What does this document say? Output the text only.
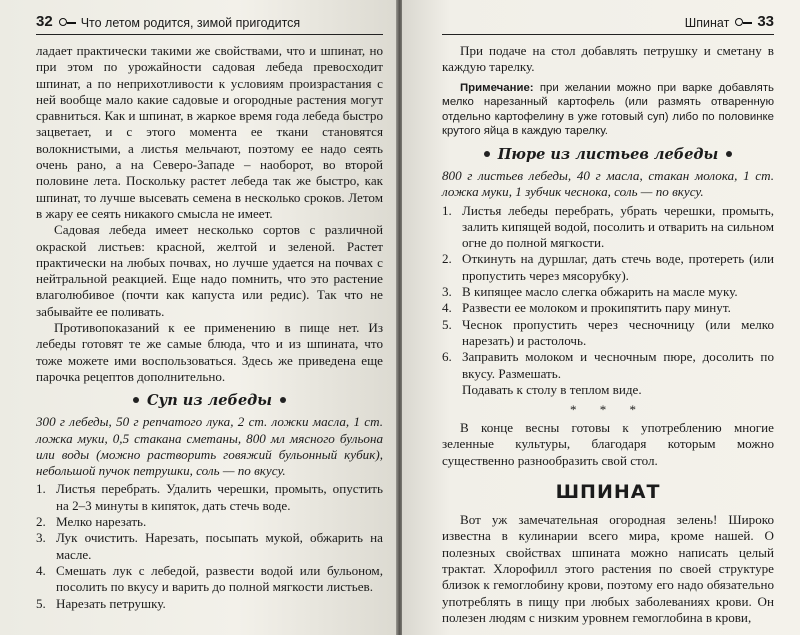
32 Что летом родится, зимой пригодится

ладает практически такими же свойствами, что и шпинат, но при этом по урожайности садовая лебеда превосходит шпинат, а по неприхотливости к условиям произрастания с ней вообще мало какие садовые и огородные растения могут сравниться. Как и шпинат, в жаркое время года лебеда быстро зацветает, и с этого момента ее ткани становятся волокнистыми, а листья мельчают, поэтому ее надо сеять очень рано, а на Северо-Западе – наоборот, во второй половине лета. Поскольку растет лебеда так же быстро, как шпинат, то лучше высевать семена в несколько сроков. Летом в жару ее сеять никакого смысла не имеет.

Садовая лебеда имеет несколько сортов с различной окраской листьев: красной, желтой и зеленой. Растет практически на любых почвах, но лучше удается на почвах с нейтральной реакцией. Еще надо помнить, что это растение влаголюбивое (почти как капуста или редис). Так что не забывайте ее поливать.

Противопоказаний к ее применению в пище нет. Из лебеды готовят те же самые блюда, что и из шпината, что тоже можете ими воспользоваться. Здесь же приведена еще парочка рецептов дополнительно.

Суп из лебеды

300 г лебеды, 50 г репчатого лука, 2 ст. ложки масла, 1 ст. ложка муки, 0,5 стакана сметаны, 800 мл мясного бульона или воды (можно растворить говяжий бульонный кубик), небольшой пучок петрушки, соль — по вкусу.

1. Листья перебрать. Удалить черешки, промыть, опустить на 2–3 минуты в кипяток, дать стечь воде.
2. Мелко нарезать.
3. Лук очистить. Нарезать, посыпать мукой, обжарить на масле.
4. Смешать лук с лебедой, развести водой или бульоном, посолить по вкусу и варить до полной мягкости листьев.
5. Нарезать петрушку.
Шпинат 33

При подаче на стол добавлять петрушку и сметану в каждую тарелку.

Примечание: при желании можно при варке добавлять мелко нарезанный картофель (или размять отваренную отдельно картофелину в уже готовый суп) либо по половинке крутого яйца в каждую тарелку.

Пюре из листьев лебеды

800 г листьев лебеды, 40 г масла, стакан молока, 1 ст. ложка муки, 1 зубчик чеснока, соль — по вкусу.

1. Листья лебеды перебрать, убрать черешки, промыть, залить кипящей водой, посолить и отварить на сильном огне до полной мягкости.
2. Откинуть на дуршлаг, дать стечь воде, протереть (или пропустить через мясорубку).
3. В кипящее масло слегка обжарить на масле муку.
4. Развести ее молоком и прокипятить пару минут.
5. Чеснок пропустить через чесночницу (или мелко нарезать) и растолочь.
6. Заправить молоком и чесночным пюре, досолить по вкусу. Размешать.

Подавать к столу в теплом виде.

* * *

В конце весны готовы к употреблению многие зеленные культуры, благодаря которым можно существенно разнообразить свой стол.

ШПИНАТ

Вот уж замечательная огородная зелень! Широко известна в кулинарии всего мира, кроме нашей. О полезных свойствах шпината можно написать целый трактат. Хлорофилл этого растения по своей структуре близок к гемоглобину крови, поэтому его надо обязательно употреблять в пищу при любых заболеваниях крови. Он полезен людям с низким уровнем гемоглобина в крови,
